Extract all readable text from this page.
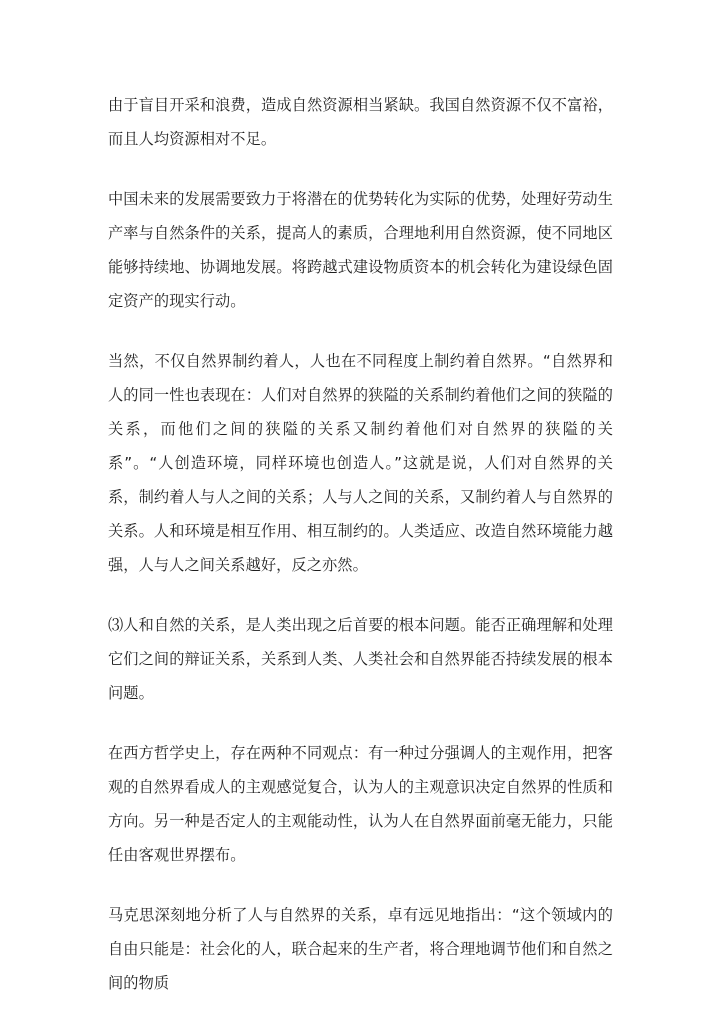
由于盲目开采和浪费，造成自然资源相当紧缺。我国自然资源不仅不富裕，而且人均资源相对不足。

中国未来的发展需要致力于将潜在的优势转化为实际的优势，处理好劳动生产率与自然条件的关系，提高人的素质，合理地利用自然资源，使不同地区能够持续地、协调地发展。将跨越式建设物质资本的机会转化为建设绿色固定资产的现实行动。

当然，不仅自然界制约着人，人也在不同程度上制约着自然界。“自然界和人的同一性也表现在：人们对自然界的狭隘的关系制约着他们之间的狭隘的关系，而他们之间的狭隘的关系又制约着他们对自然界的狭隘的关系”。“人创造环境，同样环境也创造人。”这就是说，人们对自然界的关系，制约着人与人之间的关系；人与人之间的关系，又制约着人与自然界的关系。人和环境是相互作用、相互制约的。人类适应、改造自然环境能力越强，人与人之间关系越好，反之亦然。

⑶人和自然的关系，是人类出现之后首要的根本问题。能否正确理解和处理它们之间的辩证关系，关系到人类、人类社会和自然界能否持续发展的根本问题。

在西方哲学史上，存在两种不同观点：有一种过分强调人的主观作用，把客观的自然界看成人的主观感觉复合，认为人的主观意识决定自然界的性质和方向。另一种是否定人的主观能动性，认为人在自然界面前毫无能力，只能任由客观世界摆布。

马克思深刻地分析了人与自然界的关系，卓有远见地指出：“这个领域内的自由只能是：社会化的人，联合起来的生产者，将合理地调节他们和自然之间的物质
